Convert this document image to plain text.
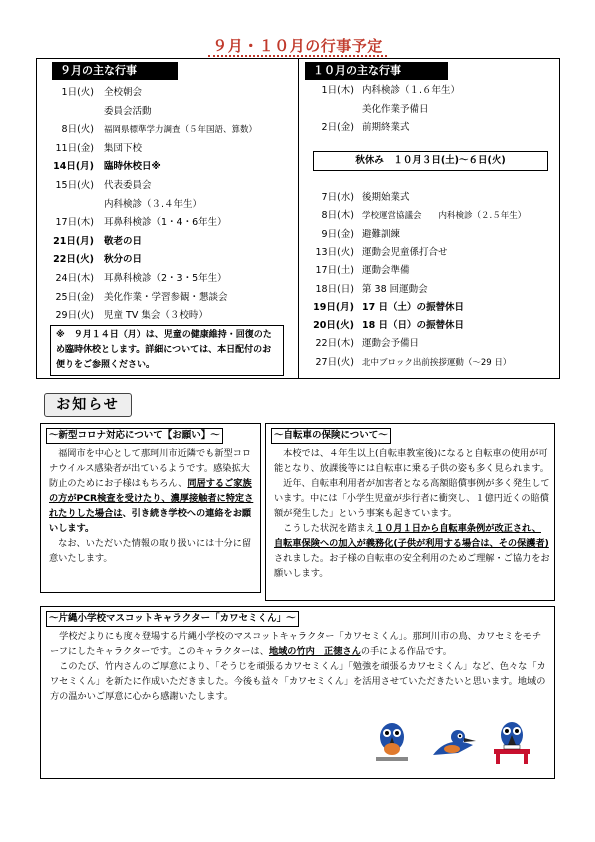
９月・１０月の行事予定
９月の主な行事	１０月の主な行事
1日(火) 全校朝会
委員会活動
8日(火) 福岡県標準学力調査（５年国語、算数）
11日(金) 集団下校
14日(月) 臨時休校日※
15日(火) 代表委員会
内科検診（３.４年生）
17日(木) 耳鼻科検診（1・4・6年生）
21日(月) 敬老の日
22日(火) 秋分の日
24日(木) 耳鼻科検診（2・3・5年生）
25日(金) 美化作業・学習参観・懇談会
29日(火) 児童 TV 集会（３校時）
1日(木) 内科検診（１.６年生）
美化作業予備日
2日(金) 前期終業式
7日(水) 後期始業式
8日(木) 学校運営協議会　　内科検診（２.５年生）
9日(金) 避難訓練
13日(火) 運動会児童係打合せ
17日(土) 運動会準備
18日(日) 第 38 回運動会
19日(月) 17 日（土）の振替休日
20日(火) 18 日（日）の振替休日
22日(木) 運動会予備日
27日(火) 北中ブロック出前挨拶運動（～29 日）
※　９月１４日（月）は、児童の健康維持・回復のため臨時休校とします。詳細については、本日配付のお便りをご参照ください。
秋休み　１０月３日(土)～６日(火)
お知らせ
～新型コロナ対応について【お願い】～
　福岡市を中心として那珂川市近隣でも新型コロナウイルス感染者が出ているようです。感染拡大防止のためにお子様はもちろん、同居するご家族の方がPCR検査を受けたり、濃厚接触者に特定されたりした場合は、引き続き学校への連絡をお願いします。
　なお、いただいた情報の取り扱いには十分に留意いたします。
～自転車の保険について～
　本校では、４年生以上(自転車教室後)になると自転車の使用が可能となり、放課後等には自転車に乗る子供の姿も多く見られます。
　近年、自転車利用者が加害者となる高額賠償事例が多く発生しています。中には「小学生児童が歩行者に衝突し、１億円近くの賠償額が発生した」という事案も起きています。
　こうした状況を踏まえ１０月１日から自転車条例が改正され、自転車保険への加入が義務化(子供が利用する場合は、その保護者)されました。お子様の自転車の安全利用のためご理解・ご協力をお願いします。
～片縄小学校マスコットキャラクター「カワセミくん」～
　学校だよりにも度々登場する片縄小学校のマスコットキャラクター「カワセミくん」。那珂川市の鳥、カワセミをモチーフにしたキャラクターです。このキャラクターは、地域の竹内　正徳さんの手による作品です。
　このたび、竹内さんのご厚意により、「そうじを頑張るカワセミくん」「勉強を頑張るカワセミくん」など、色々な「カワセミくん」を新たに作成いただきました。今後も益々「カワセミくん」を活用させていただきたいと思います。地域の方の温かいご厚意に心から感謝いたします。
